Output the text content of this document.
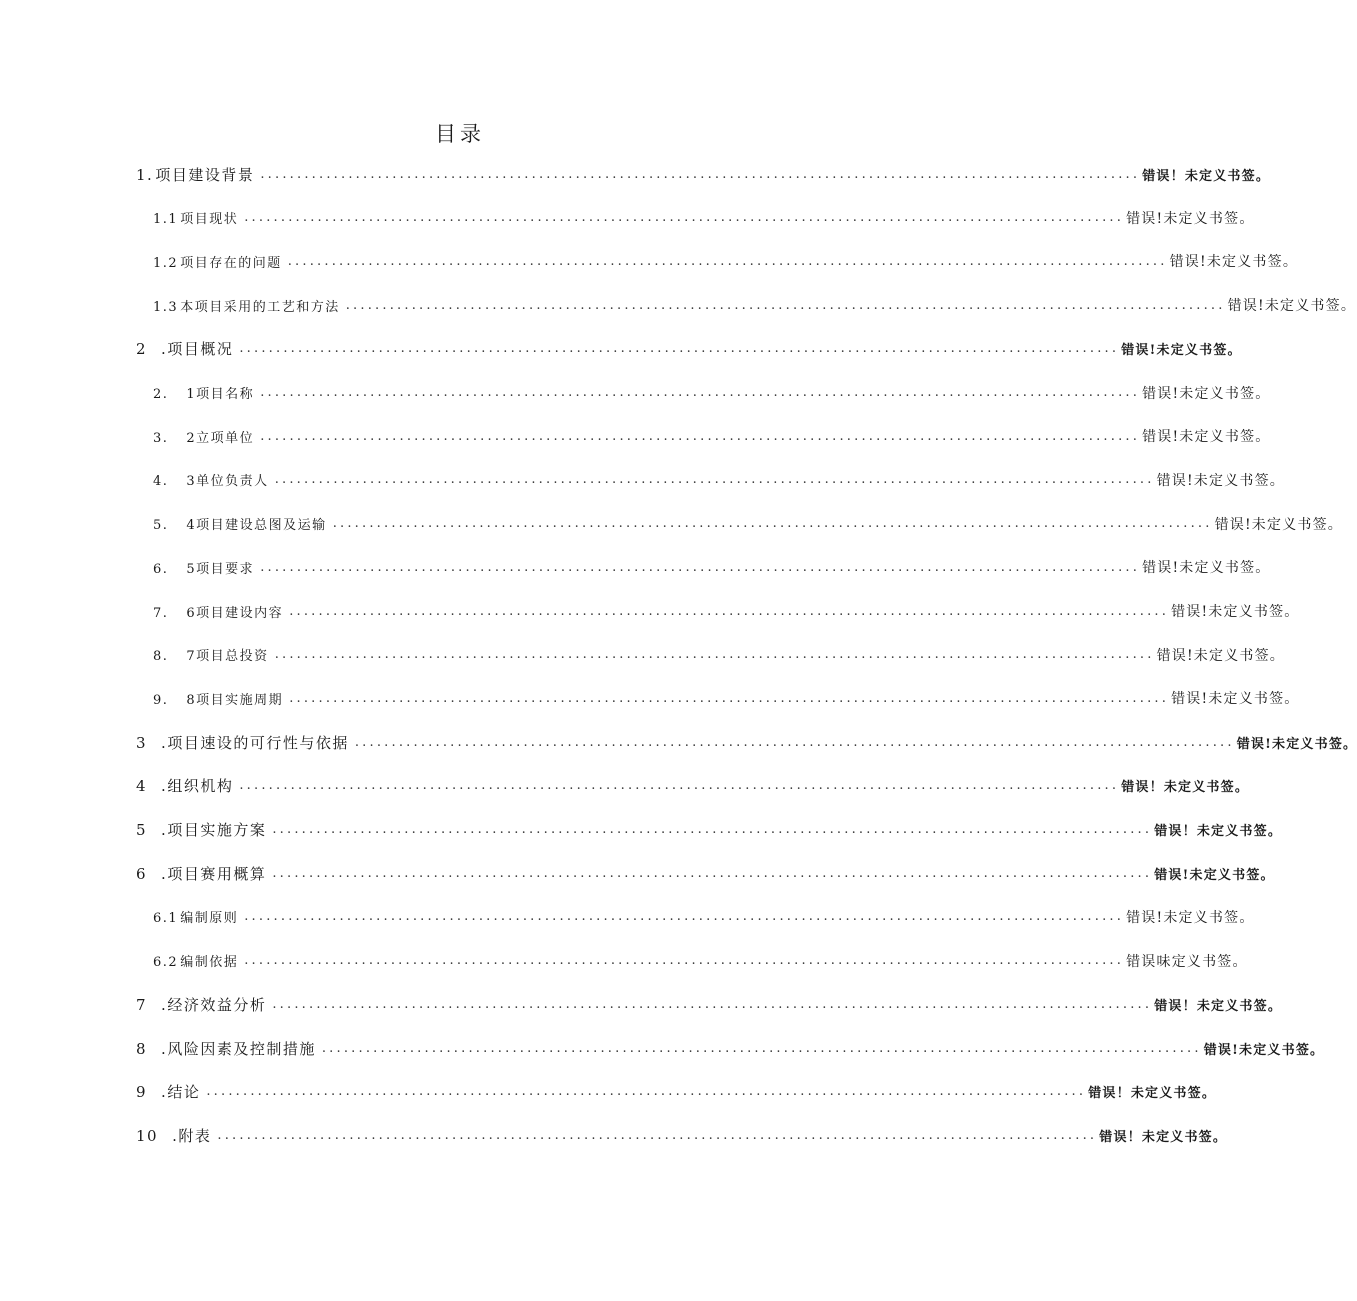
目录
1. 项目建设背景 ........................................................................................................................ 错误！未定义书签。
1.1 项目现状 ........................................................................................................................ 错误!未定义书签。
1.2 项目存在的问题 ........................................................................................................................ 错误!未定义书签。
1.3 本项目采用的工艺和方法 ........................................................................................................................ 错误!未定义书签。
2 .项目概况 ........................................................................................................................ 错误!未定义书签。
2. 1项目名称 ........................................................................................................................ 错误!未定义书签。
3. 2立项单位 ........................................................................................................................ 错误!未定义书签。
4. 3单位负责人 ........................................................................................................................ 错误!未定义书签。
5. 4项目建设总图及运输 ........................................................................................................................ 错误!未定义书签。
6. 5项目要求 ........................................................................................................................ 错误!未定义书签。
7. 6项目建设内容 ........................................................................................................................ 错误!未定义书签。
8. 7项目总投资 ........................................................................................................................ 错误!未定义书签。
9. 8项目实施周期 ........................................................................................................................ 错误!未定义书签。
3 .项目速设的可行性与依据 ........................................................................................................................ 错误!未定义书签。
4 .组织机构 ........................................................................................................................ 错误！未定义书签。
5 .项目实施方案 ........................................................................................................................ 错误！未定义书签。
6 .项目赛用概算 ........................................................................................................................ 错误!未定义书签。
6.1 编制原则 ........................................................................................................................ 错误!未定义书签。
6.2 编制依据 ........................................................................................................................ 错误味定义书签。
7 .经济效益分析 ........................................................................................................................ 错误！未定义书签。
8 .风险因素及控制措施 ........................................................................................................................ 错误!未定义书签。
9 .结论 ........................................................................................................................ 错误！未定义书签。
10 .附表 ........................................................................................................................ 错误！未定义书签。
